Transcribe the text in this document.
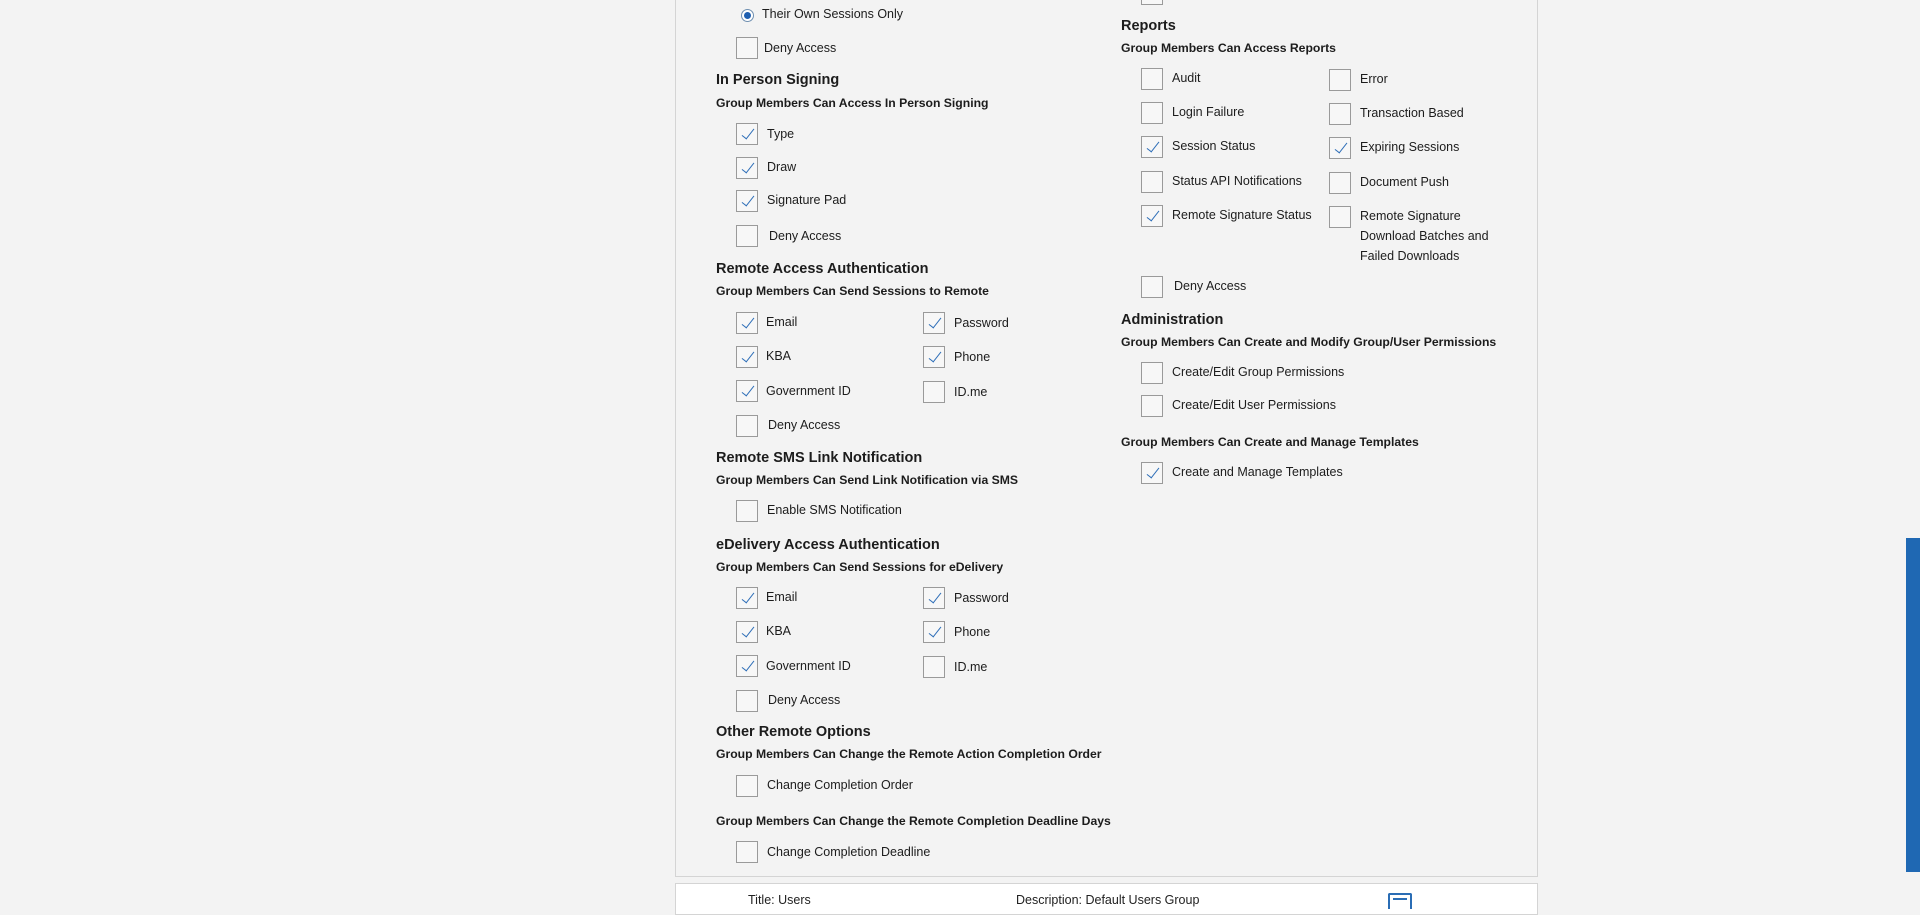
Their Own Sessions Only
Deny Access
In Person Signing
Group Members Can Access In Person Signing
Type
Draw
Signature Pad
Deny Access
Remote Access Authentication
Group Members Can Send Sessions to Remote
Email	Password
KBA	Phone
Government ID	ID.me
Deny Access
Remote SMS Link Notification
Group Members Can Send Link Notification via SMS
Enable SMS Notification
eDelivery Access Authentication
Group Members Can Send Sessions for eDelivery
Email	Password
KBA	Phone
Government ID	ID.me
Deny Access
Other Remote Options
Group Members Can Change the Remote Action Completion Order
Change Completion Order
Group Members Can Change the Remote Completion Deadline Days
Change Completion Deadline
Reports
Group Members Can Access Reports
Audit	Error
Login Failure	Transaction Based
Session Status	Expiring Sessions
Status API Notifications	Document Push
Remote Signature Status	Remote Signature
Download Batches and
Failed Downloads
Deny Access
Administration
Group Members Can Create and Modify Group/User Permissions
Create/Edit Group Permissions
Create/Edit User Permissions
Group Members Can Create and Manage Templates
Create and Manage Templates
Title: Users	Description: Default Users Group
